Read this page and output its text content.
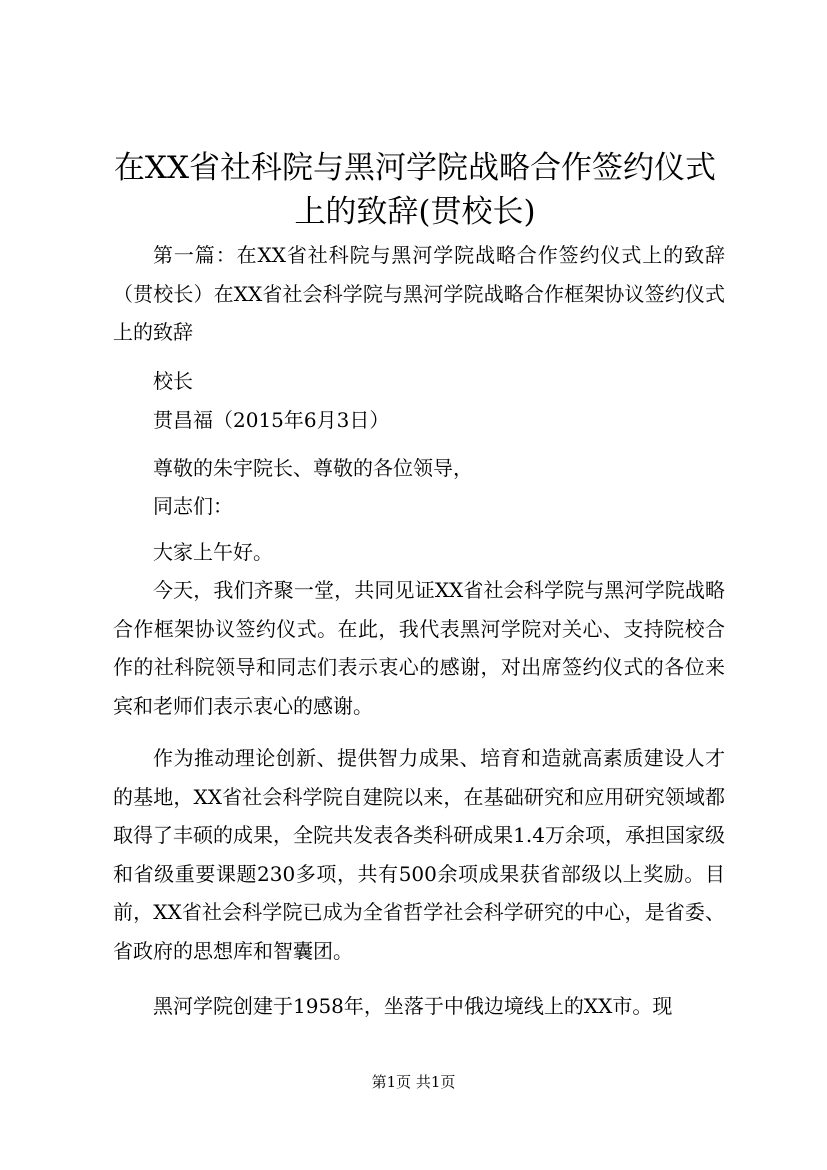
在XX省社科院与黑河学院战略合作签约仪式
上的致辞(贯校长)
第一篇：在XX省社科院与黑河学院战略合作签约仪式上的致辞（贯校长）在XX省社会科学院与黑河学院战略合作框架协议签约仪式上的致辞
校长
贯昌福（2015年6月3日）
尊敬的朱宇院长、尊敬的各位领导，
同志们：
大家上午好。
今天，我们齐聚一堂，共同见证XX省社会科学院与黑河学院战略合作框架协议签约仪式。在此，我代表黑河学院对关心、支持院校合作的社科院领导和同志们表示衷心的感谢，对出席签约仪式的各位来宾和老师们表示衷心的感谢。
作为推动理论创新、提供智力成果、培育和造就高素质建设人才的基地，XX省社会科学院自建院以来，在基础研究和应用研究领域都取得了丰硕的成果，全院共发表各类科研成果1.4万余项，承担国家级和省级重要课题230多项，共有500余项成果获省部级以上奖励。目前，XX省社会科学院已成为全省哲学社会科学研究的中心，是省委、省政府的思想库和智囊团。
黑河学院创建于1958年，坐落于中俄边境线上的XX市。现
第1页 共1页
